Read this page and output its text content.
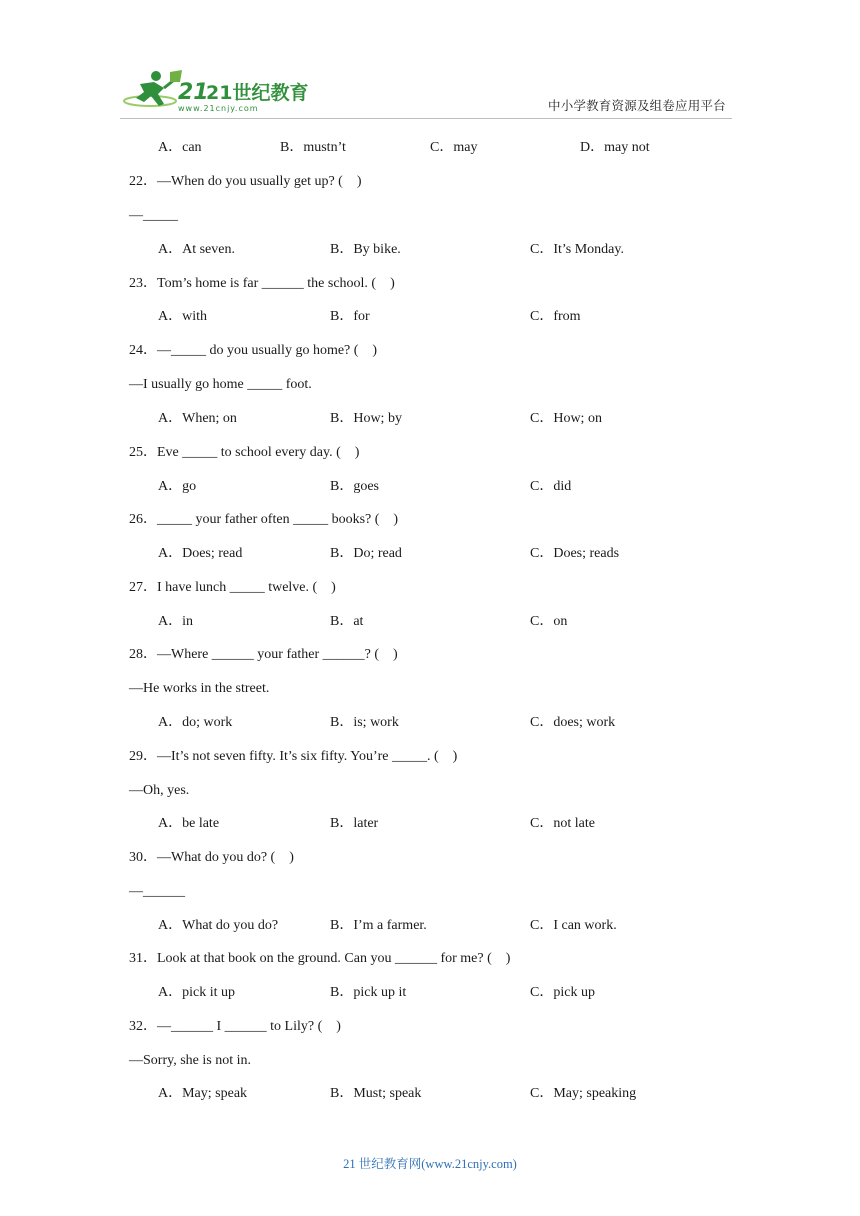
21
21世纪教育
www.21cnjy.com	中小学教育资源及组卷应用平台
A．can	B．mustn’t	C．may	D．may not
22．—When do you usually get up? (    )
—_____
A．At seven.	B．By bike.	C．It’s Monday.
23．Tom’s home is far ______ the school. (    )
A．with	B．for	C．from
24．—_____ do you usually go home? (    )
—I usually go home _____ foot.
A．When; on	B．How; by	C．How; on
25．Eve _____ to school every day. (    )
A．go	B．goes	C．did
26．_____ your father often _____ books? (    )
A．Does; read	B．Do; read	C．Does; reads
27．I have lunch _____ twelve. (    )
A．in	B．at	C．on
28．—Where ______ your father ______? (    )
—He works in the street.
A．do; work	B．is; work	C．does; work
29．—It’s not seven fifty. It’s six fifty. You’re _____. (    )
—Oh, yes.
A．be late	B．later	C．not late
30．—What do you do? (    )
—______
A．What do you do?	B．I’m a farmer.	C．I can work.
31．Look at that book on the ground. Can you ______ for me? (    )
A．pick it up	B．pick up it	C．pick up
32．—______ I ______ to Lily? (    )
—Sorry, she is not in.
A．May; speak	B．Must; speak	C．May; speaking
21 世纪教育网(www.21cnjy.com)
